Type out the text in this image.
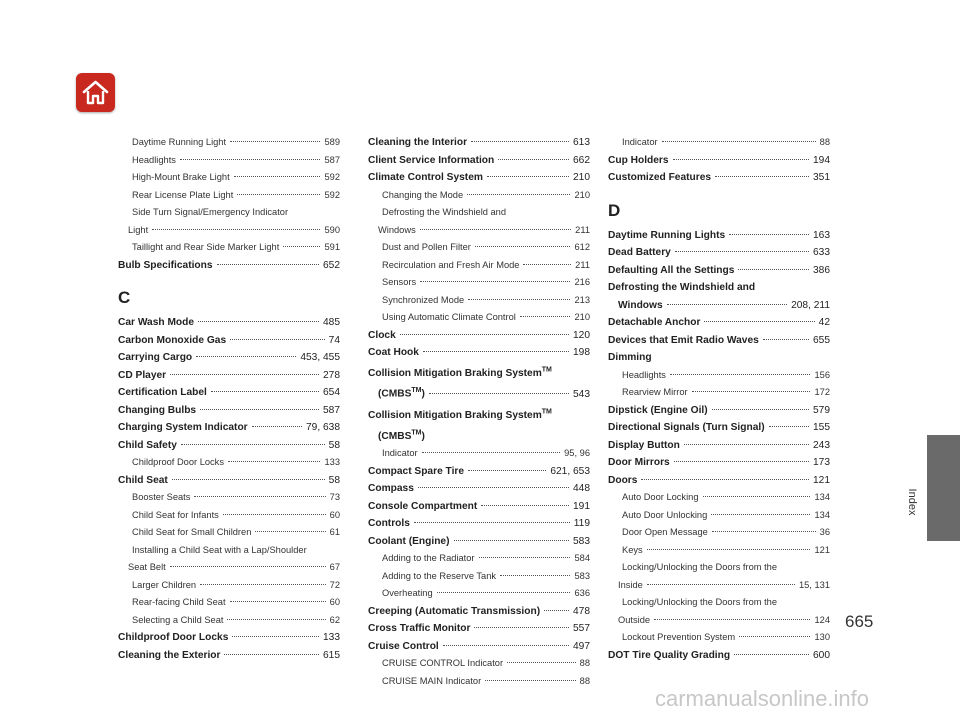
Daytime Running Light	589
Headlights	587
High-Mount Brake Light	592
Rear License Plate Light	592
Side Turn Signal/Emergency Indicator
Light	590
Taillight and Rear Side Marker Light	591
Bulb Specifications	652
C
Car Wash Mode	485
Carbon Monoxide Gas	74
Carrying Cargo	453, 455
CD Player	278
Certification Label	654
Changing Bulbs	587
Charging System Indicator	79, 638
Child Safety	58
Childproof Door Locks	133
Child Seat	58
Booster Seats	73
Child Seat for Infants	60
Child Seat for Small Children	61
Installing a Child Seat with a Lap/Shoulder
Seat Belt	67
Larger Children	72
Rear-facing Child Seat	60
Selecting a Child Seat	62
Childproof Door Locks	133
Cleaning the Exterior	615
Cleaning the Interior	613
Client Service Information	662
Climate Control System	210
Changing the Mode	210
Defrosting the Windshield and
Windows	211
Dust and Pollen Filter	612
Recirculation and Fresh Air Mode	211
Sensors	216
Synchronized Mode	213
Using Automatic Climate Control	210
Clock	120
Coat Hook	198
Collision Mitigation Braking System™
(CMBS™)	543
Collision Mitigation Braking System™
(CMBS™)
Indicator	95, 96
Compact Spare Tire	621, 653
Compass	448
Console Compartment	191
Controls	119
Coolant (Engine)	583
Adding to the Radiator	584
Adding to the Reserve Tank	583
Overheating	636
Creeping (Automatic Transmission)	478
Cross Traffic Monitor	557
Cruise Control	497
CRUISE CONTROL Indicator	88
CRUISE MAIN Indicator	88
Indicator	88
Cup Holders	194
Customized Features	351
D
Daytime Running Lights	163
Dead Battery	633
Defaulting All the Settings	386
Defrosting the Windshield and
Windows	208, 211
Detachable Anchor	42
Devices that Emit Radio Waves	655
Dimming
Headlights	156
Rearview Mirror	172
Dipstick (Engine Oil)	579
Directional Signals (Turn Signal)	155
Display Button	243
Door Mirrors	173
Doors	121
Auto Door Locking	134
Auto Door Unlocking	134
Door Open Message	36
Keys	121
Locking/Unlocking the Doors from the
Inside	15, 131
Locking/Unlocking the Doors from the
Outside	124
Lockout Prevention System	130
DOT Tire Quality Grading	600
Index
665
carmanualsonline.info
